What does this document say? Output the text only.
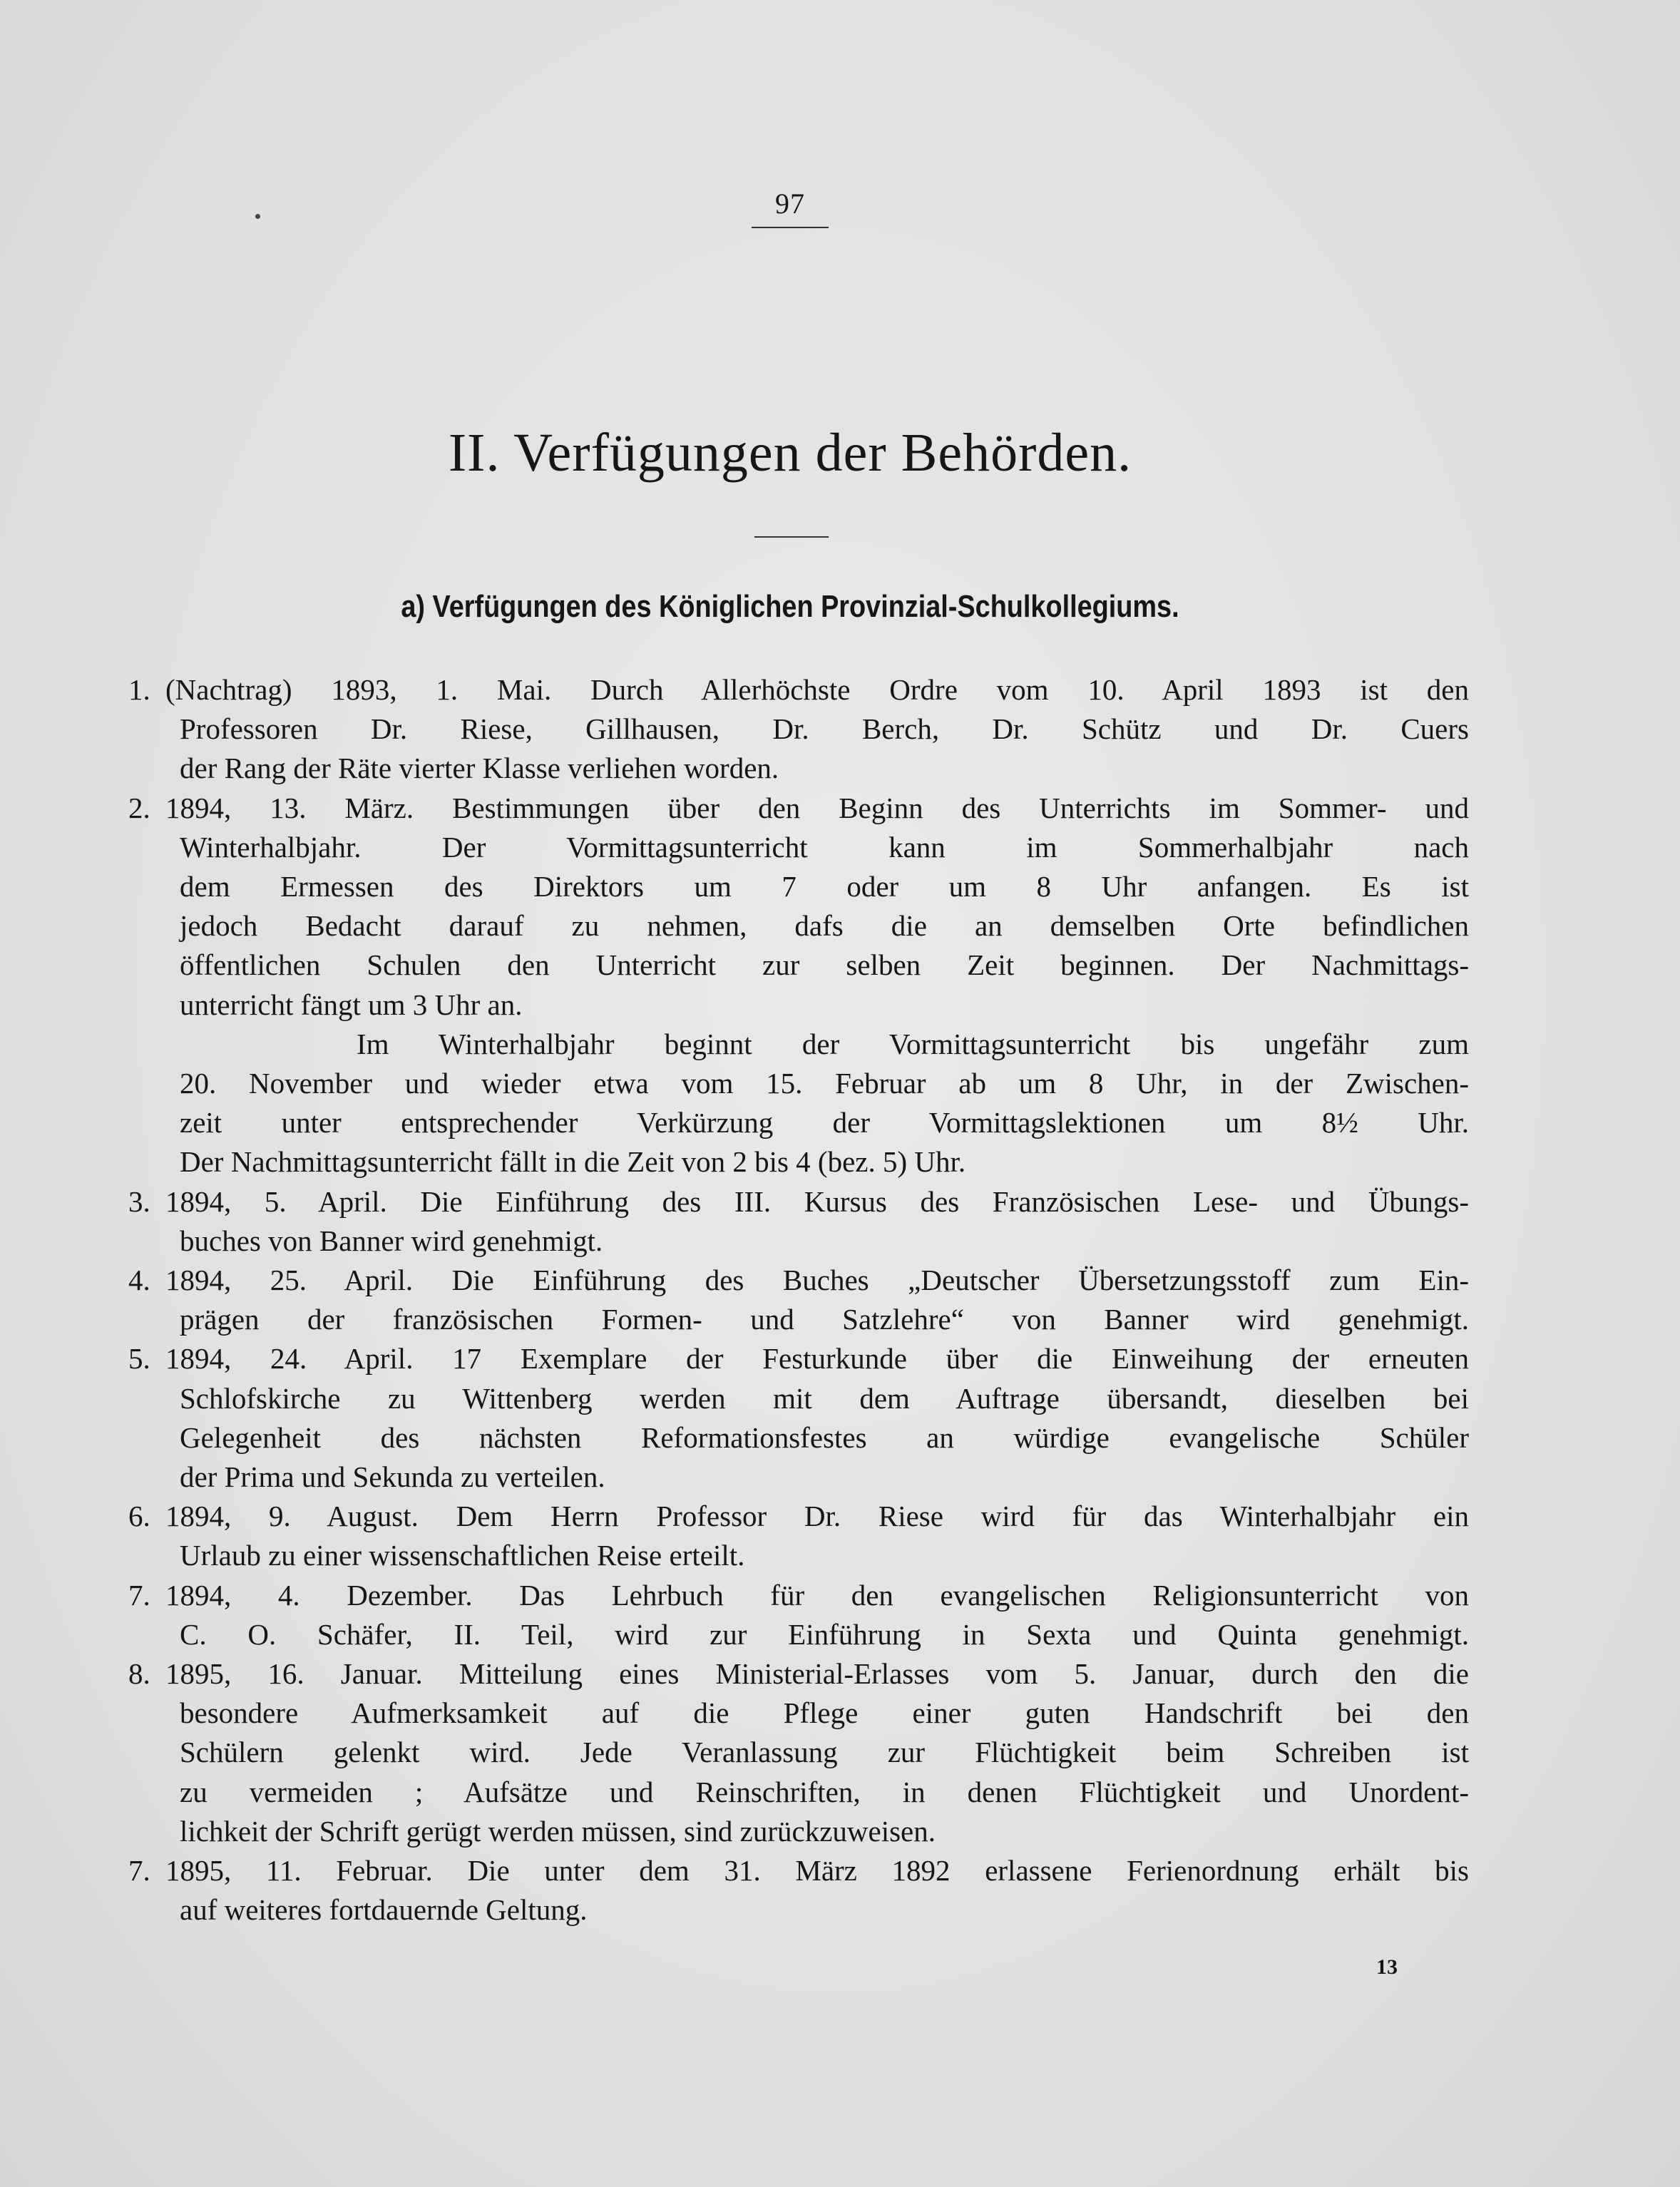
97
II. Verfügungen der Behörden.
a) Verfügungen des Königlichen Provinzial-Schulkollegiums.
1. (Nachtrag) 1893, 1. Mai. Durch Allerhöchste Ordre vom 10. April 1893 ist den
Professoren Dr. Riese, Gillhausen, Dr. Berch, Dr. Schütz und Dr. Cuers
der Rang der Räte vierter Klasse verliehen worden.
2. 1894, 13. März. Bestimmungen über den Beginn des Unterrichts im Sommer- und
Winterhalbjahr. Der Vormittagsunterricht kann im Sommerhalbjahr nach
dem Ermessen des Direktors um 7 oder um 8 Uhr anfangen. Es ist
jedoch Bedacht darauf zu nehmen, dafs die an demselben Orte befindlichen
öffentlichen Schulen den Unterricht zur selben Zeit beginnen. Der Nachmittags-
unterricht fängt um 3 Uhr an.
Im Winterhalbjahr beginnt der Vormittagsunterricht bis ungefähr zum
20. November und wieder etwa vom 15. Februar ab um 8 Uhr, in der Zwischen-
zeit unter entsprechender Verkürzung der Vormittagslektionen um 8½ Uhr.
Der Nachmittagsunterricht fällt in die Zeit von 2 bis 4 (bez. 5) Uhr.
3. 1894, 5. April. Die Einführung des III. Kursus des Französischen Lese- und Übungs-
buches von Banner wird genehmigt.
4. 1894, 25. April. Die Einführung des Buches „Deutscher Übersetzungsstoff zum Ein-
prägen der französischen Formen- und Satzlehre“ von Banner wird genehmigt.
5. 1894, 24. April. 17 Exemplare der Festurkunde über die Einweihung der erneuten
Schlofskirche zu Wittenberg werden mit dem Auftrage übersandt, dieselben bei
Gelegenheit des nächsten Reformationsfestes an würdige evangelische Schüler
der Prima und Sekunda zu verteilen.
6. 1894, 9. August. Dem Herrn Professor Dr. Riese wird für das Winterhalbjahr ein
Urlaub zu einer wissenschaftlichen Reise erteilt.
7. 1894, 4. Dezember. Das Lehrbuch für den evangelischen Religionsunterricht von
C. O. Schäfer, II. Teil, wird zur Einführung in Sexta und Quinta genehmigt.
8. 1895, 16. Januar. Mitteilung eines Ministerial-Erlasses vom 5. Januar, durch den die
besondere Aufmerksamkeit auf die Pflege einer guten Handschrift bei den
Schülern gelenkt wird. Jede Veranlassung zur Flüchtigkeit beim Schreiben ist
zu vermeiden ; Aufsätze und Reinschriften, in denen Flüchtigkeit und Unordent-
lichkeit der Schrift gerügt werden müssen, sind zurückzuweisen.
7. 1895, 11. Februar. Die unter dem 31. März 1892 erlassene Ferienordnung erhält bis
auf weiteres fortdauernde Geltung.
13
